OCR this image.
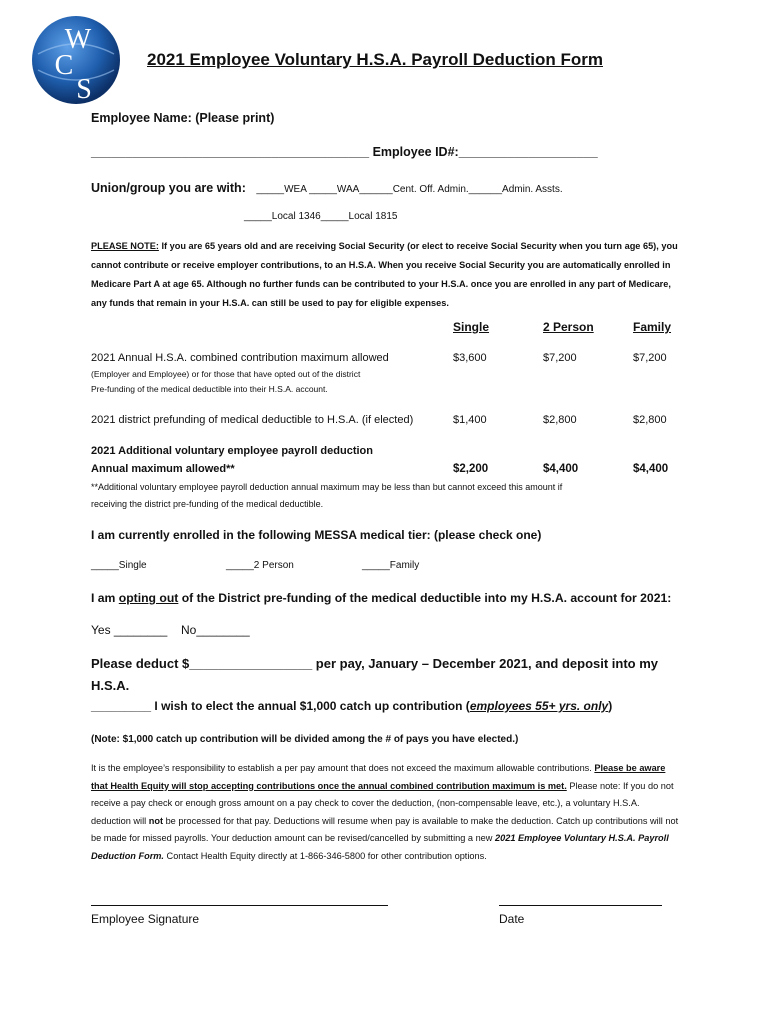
W
C
S
2021 Employee Voluntary H.S.A. Payroll Deduction Form
Employee Name: (Please print)
________________________________________ Employee ID#:____________________
Union/group you are with: _____WEA _____WAA______Cent. Off. Admin.______Admin. Assts.
_____Local 1346_____Local 1815
PLEASE NOTE: If you are 65 years old and are receiving Social Security (or elect to receive Social Security when you turn age 65), you cannot contribute or receive employer contributions, to an H.S.A. When you receive Social Security you are automatically enrolled in Medicare Part A at age 65. Although no further funds can be contributed to your H.S.A. once you are enrolled in any part of Medicare, any funds that remain in your H.S.A. can still be used to pay for eligible expenses.
Single	2 Person	Family
2021 Annual H.S.A. combined contribution maximum allowed	$3,600	$7,200	$7,200
(Employer and Employee) or for those that have opted out of the district
Pre-funding of the medical deductible into their H.S.A. account.
2021 district prefunding of medical deductible to H.S.A. (if elected)	$1,400	$2,800	$2,800
2021 Additional voluntary employee payroll deduction
Annual maximum allowed**	$2,200	$4,400	$4,400
**Additional voluntary employee payroll deduction annual maximum may be less than but cannot exceed this amount if
receiving the district pre-funding of the medical deductible.
I am currently enrolled in the following MESSA medical tier: (please check one)
_____Single	_____2 Person	_____Family
I am opting out of the District pre-funding of the medical deductible into my H.S.A. account for 2021:
Yes ________ No________
Please deduct $_________________ per pay, January – December 2021, and deposit into my
H.S.A.
_________ I wish to elect the annual $1,000 catch up contribution (employees 55+ yrs. only)
(Note: $1,000 catch up contribution will be divided among the # of pays you have elected.)
It is the employee’s responsibility to establish a per pay amount that does not exceed the maximum allowable contributions. Please be aware that Health Equity will stop accepting contributions once the annual combined contribution maximum is met. Please note: If you do not receive a pay check or enough gross amount on a pay check to cover the deduction, (non-compensable leave, etc.), a voluntary H.S.A. deduction will not be processed for that pay. Deductions will resume when pay is available to make the deduction. Catch up contributions will not be made for missed payrolls. Your deduction amount can be revised/cancelled by submitting a new 2021 Employee Voluntary H.S.A. Payroll Deduction Form. Contact Health Equity directly at 1-866-346-5800 for other contribution options.
Employee Signature	Date
